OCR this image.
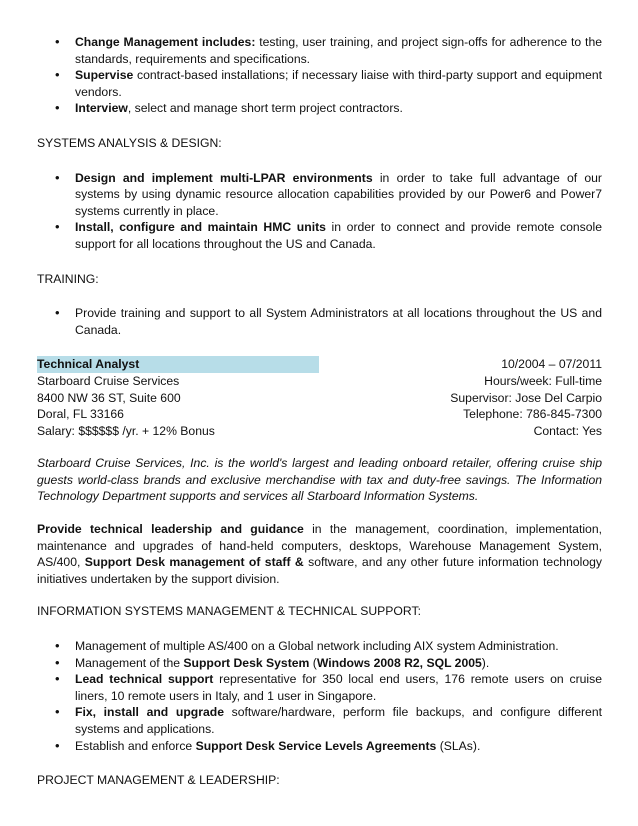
• Change Management includes: testing, user training, and project sign-offs for adherence to the standards, requirements and specifications.
• Supervise contract-based installations; if necessary liaise with third-party support and equipment vendors.
• Interview, select and manage short term project contractors.

SYSTEMS ANALYSIS & DESIGN:

• Design and implement multi-LPAR environments in order to take full advantage of our systems by using dynamic resource allocation capabilities provided by our Power6 and Power7 systems currently in place.
• Install, configure and maintain HMC units in order to connect and provide remote console support for all locations throughout the US and Canada.

TRAINING:

• Provide training and support to all System Administrators at all locations throughout the US and Canada.
Technical Analyst	10/2004 – 07/2011
Starboard Cruise Services	Hours/week: Full-time
8400 NW 36 ST, Suite 600	Supervisor: Jose Del Carpio
Doral, FL 33166	Telephone: 786-845-7300
Salary: $$$$$$ /yr. + 12% Bonus	Contact: Yes

Starboard Cruise Services, Inc. is the world's largest and leading onboard retailer, offering cruise ship guests world-class brands and exclusive merchandise with tax and duty-free savings. The Information Technology Department supports and services all Starboard Information Systems.

Provide technical leadership and guidance in the management, coordination, implementation, maintenance and upgrades of hand-held computers, desktops, Warehouse Management System, AS/400, Support Desk management of staff & software, and any other future information technology initiatives undertaken by the support division.

INFORMATION SYSTEMS MANAGEMENT & TECHNICAL SUPPORT:

• Management of multiple AS/400 on a Global network including AIX system Administration.
• Management of the Support Desk System (Windows 2008 R2, SQL 2005).
• Lead technical support representative for 350 local end users, 176 remote users on cruise liners, 10 remote users in Italy, and 1 user in Singapore.
• Fix, install and upgrade software/hardware, perform file backups, and configure different systems and applications.
• Establish and enforce Support Desk Service Levels Agreements (SLAs).

PROJECT MANAGEMENT & LEADERSHIP:
